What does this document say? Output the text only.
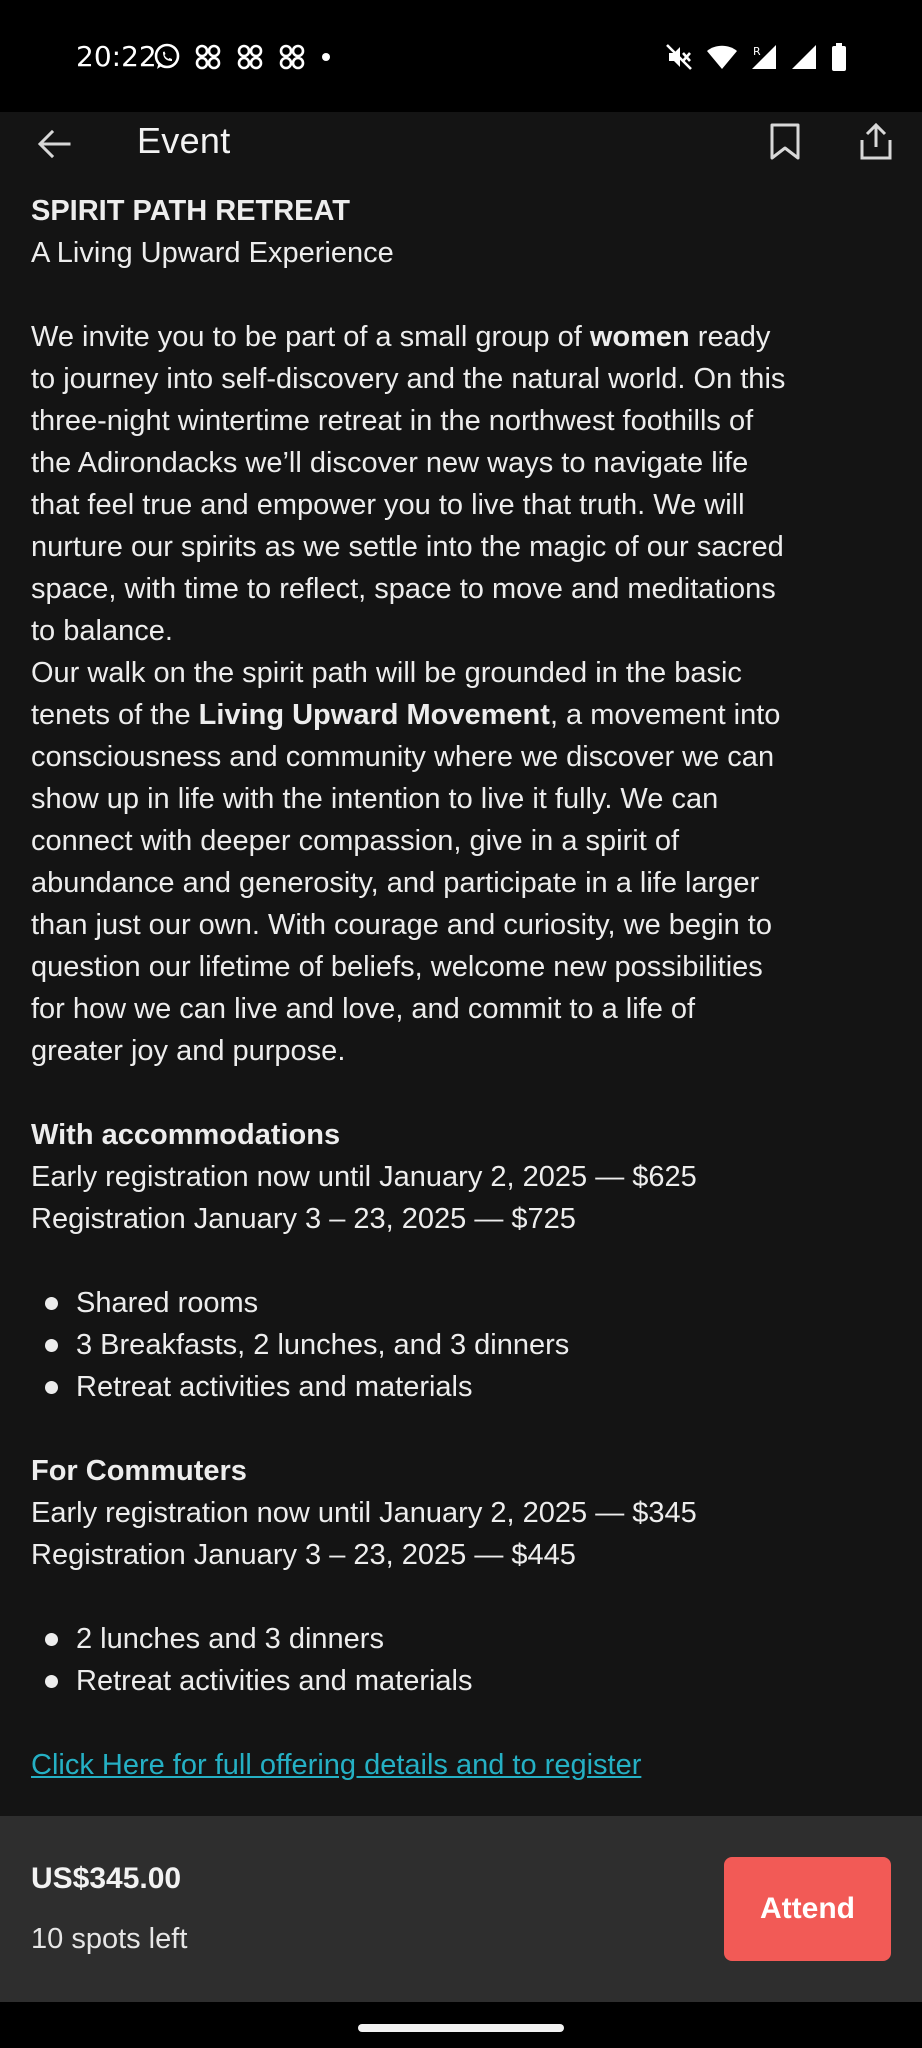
20:22	R
Event

SPIRIT PATH RETREAT

A Living Upward Experience

We invite you to be part of a small group of women ready

to journey into self-discovery and the natural world. On this

three-night wintertime retreat in the northwest foothills of

the Adirondacks we’ll discover new ways to navigate life

that feel true and empower you to live that truth. We will

nurture our spirits as we settle into the magic of our sacred

space, with time to reflect, space to move and meditations

to balance.

Our walk on the spirit path will be grounded in the basic

tenets of the Living Upward Movement, a movement into

consciousness and community where we discover we can

show up in life with the intention to live it fully. We can

connect with deeper compassion, give in a spirit of

abundance and generosity, and participate in a life larger

than just our own. With courage and curiosity, we begin to

question our lifetime of beliefs, welcome new possibilities

for how we can live and love, and commit to a life of

greater joy and purpose.

With accommodations

Early registration now until January 2, 2025 — $625

Registration January 3 – 23, 2025 — $725

Shared rooms
3 Breakfasts, 2 lunches, and 3 dinners
Retreat activities and materials

For Commuters

Early registration now until January 2, 2025 — $345

Registration January 3 – 23, 2025 — $445

2 lunches and 3 dinners
Retreat activities and materials

Click Here for full offering details and to register

US$345.00
10 spots left
Attend
